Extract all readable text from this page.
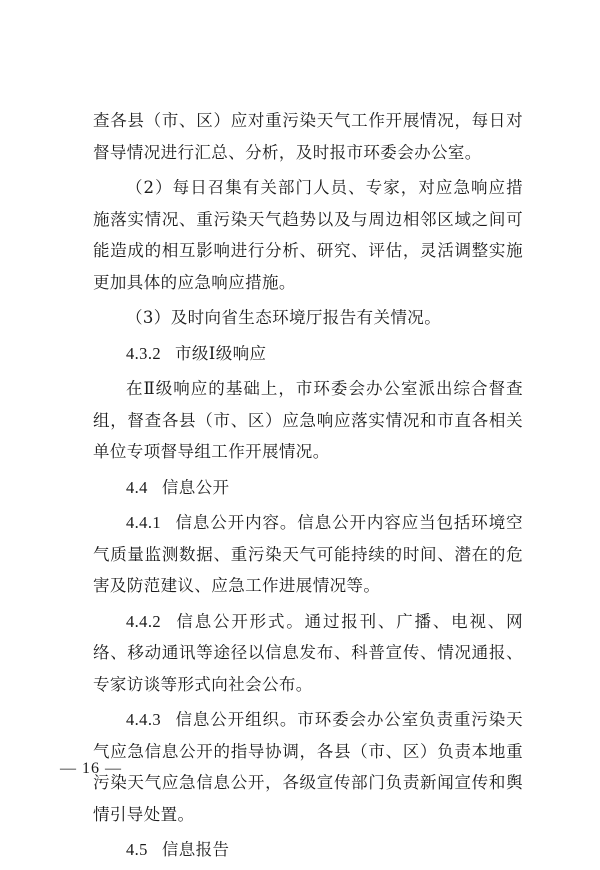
查各县（市、区）应对重污染天气工作开展情况，每日对督导情况进行汇总、分析，及时报市环委会办公室。

（2）每日召集有关部门人员、专家，对应急响应措施落实情况、重污染天气趋势以及与周边相邻区域之间可能造成的相互影响进行分析、研究、评估，灵活调整实施更加具体的应急响应措施。

（3）及时向省生态环境厅报告有关情况。

4.3.2 市级Ⅰ级响应

在Ⅱ级响应的基础上，市环委会办公室派出综合督查组，督查各县（市、区）应急响应落实情况和市直各相关单位专项督导组工作开展情况。

4.4 信息公开

4.4.1 信息公开内容。信息公开内容应当包括环境空气质量监测数据、重污染天气可能持续的时间、潜在的危害及防范建议、应急工作进展情况等。

4.4.2 信息公开形式。通过报刊、广播、电视、网络、移动通讯等途径以信息发布、科普宣传、情况通报、专家访谈等形式向社会公布。

4.4.3 信息公开组织。市环委会办公室负责重污染天气应急信息公开的指导协调，各县（市、区）负责本地重污染天气应急信息公开，各级宣传部门负责新闻宣传和舆情引导处置。

4.5 信息报告

— 16 —
